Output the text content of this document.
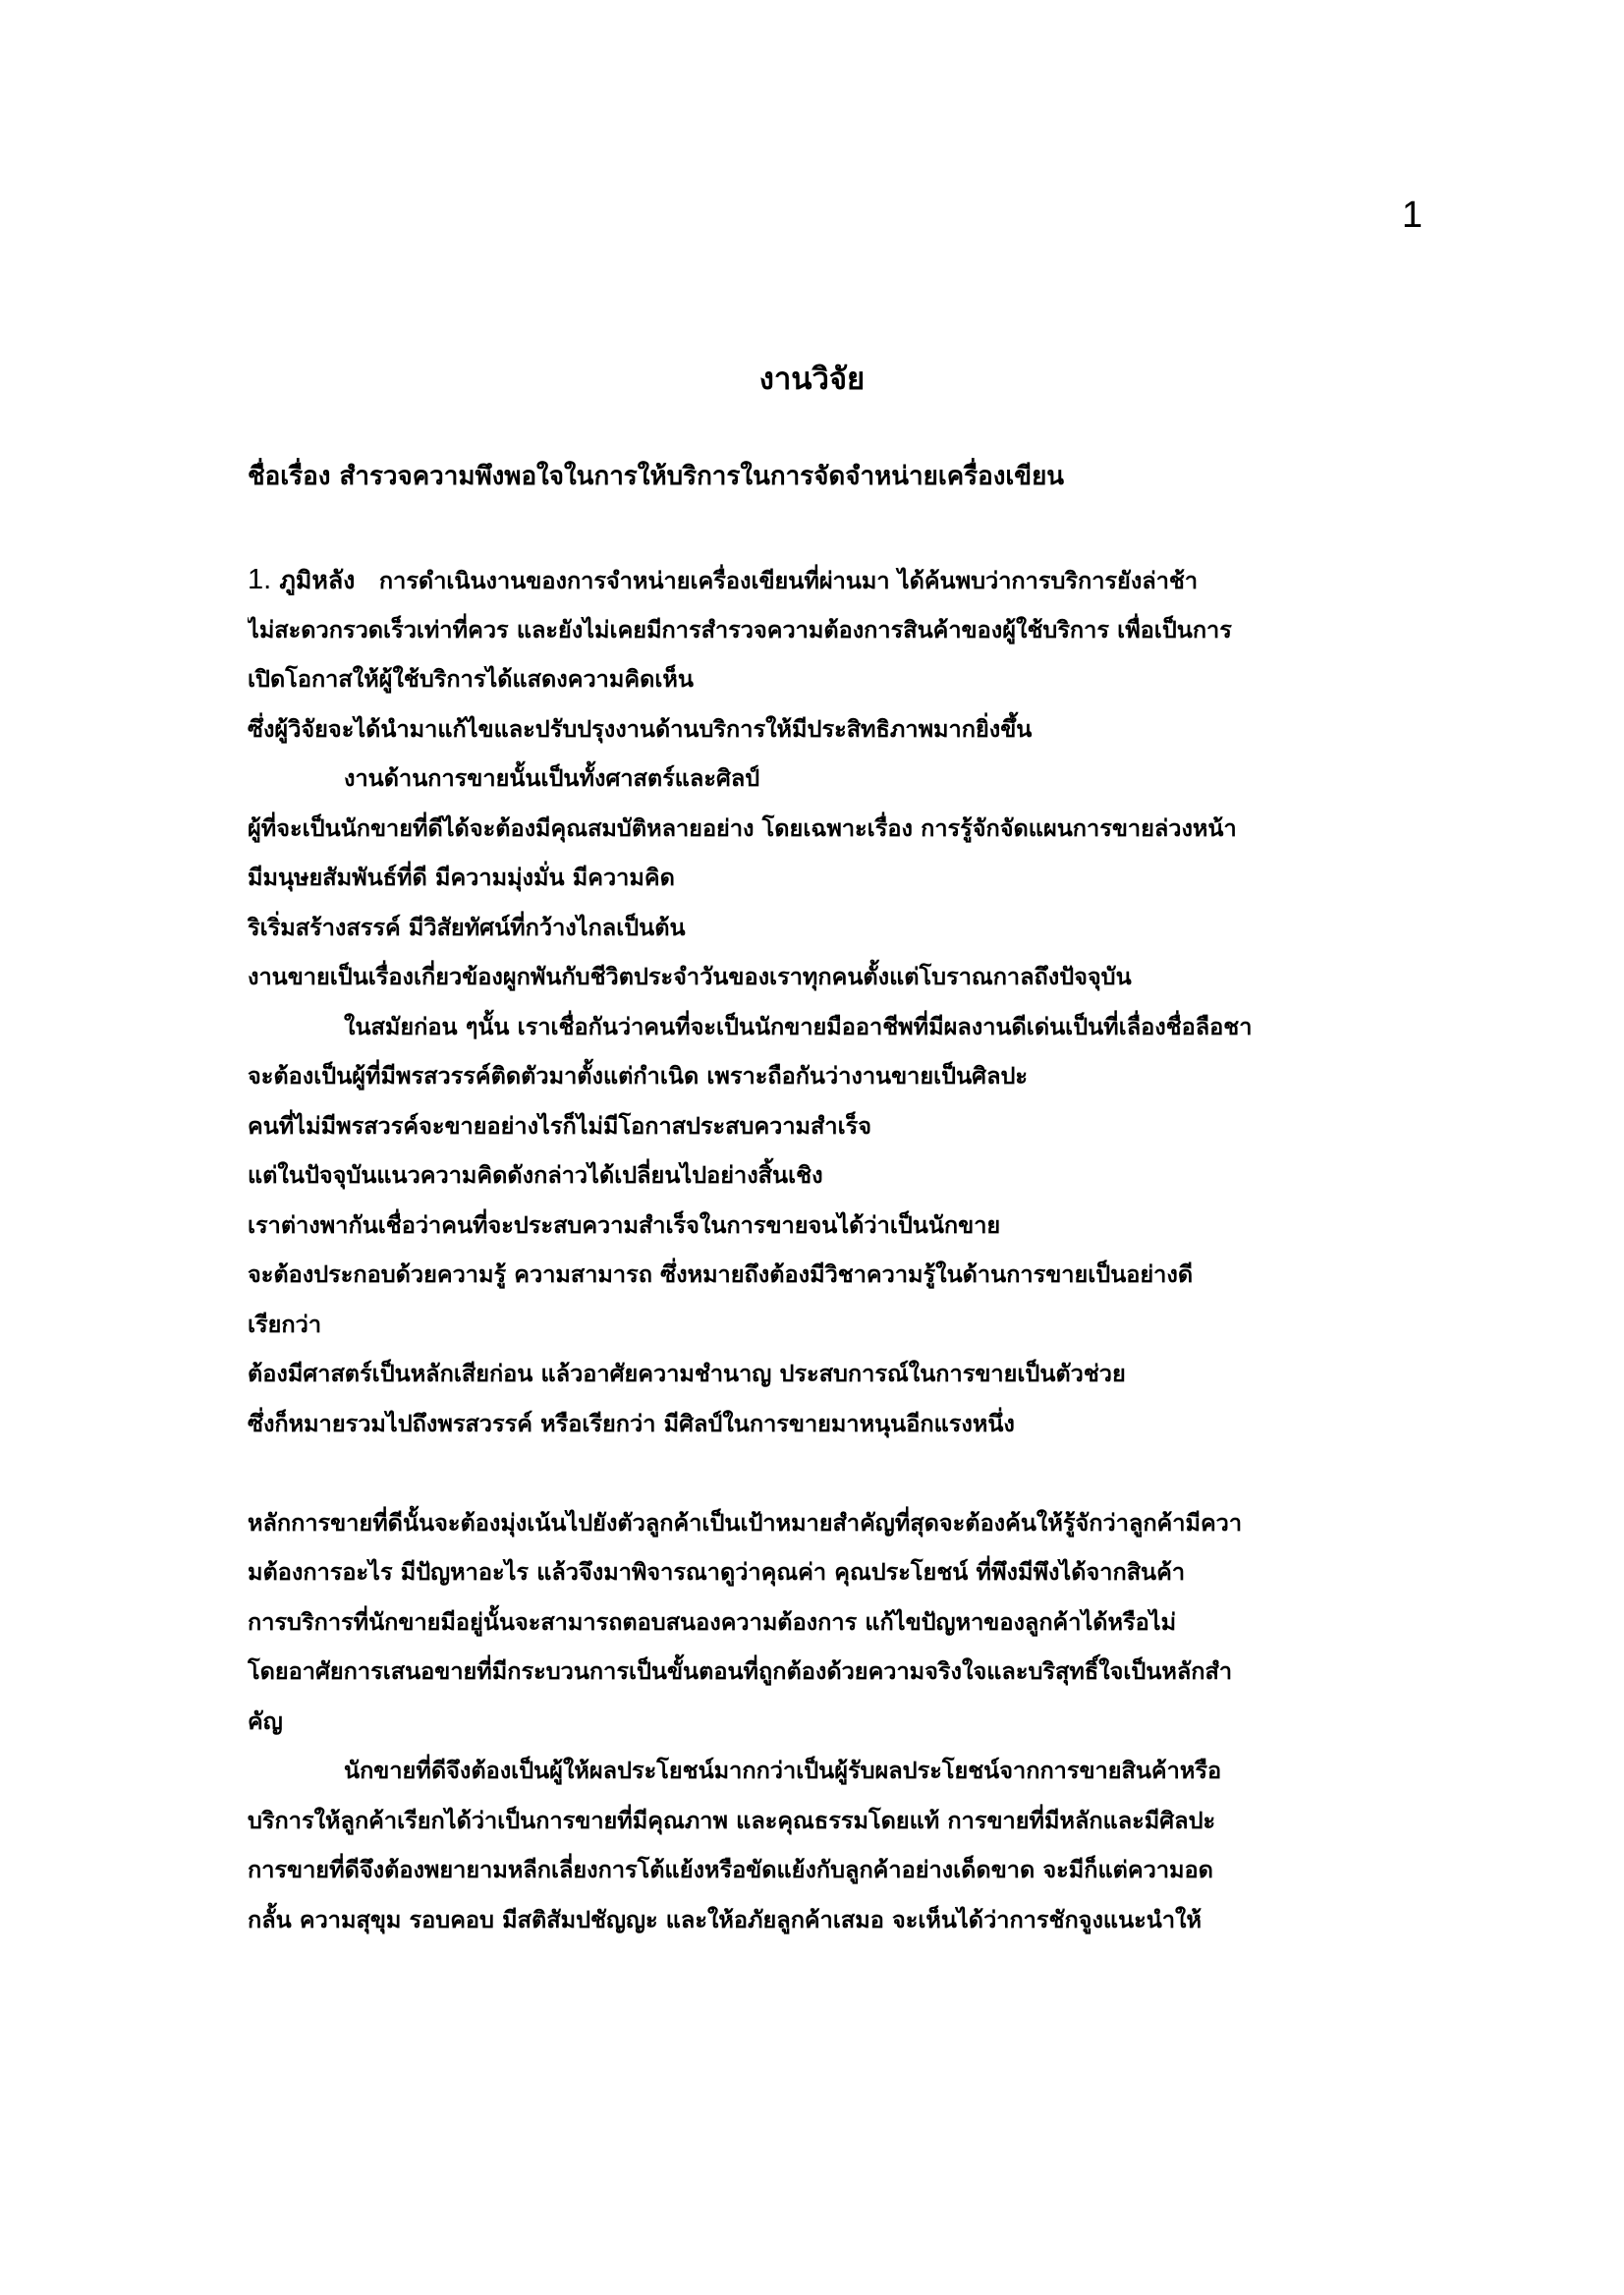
1
งานวิจัย
ชื่อเรื่อง สำรวจความพึงพอใจในการให้บริการในการจัดจำหน่ายเครื่องเขียน
1. ภูมิหลัง การดำเนินงานของการจำหน่ายเครื่องเขียนที่ผ่านมา ได้ค้นพบว่าการบริการยังล่าช้า
ไม่สะดวกรวดเร็วเท่าที่ควร และยังไม่เคยมีการสำรวจความต้องการสินค้าของผู้ใช้บริการ เพื่อเป็นการ
เปิดโอกาสให้ผู้ใช้บริการได้แสดงความคิดเห็น
ซึ่งผู้วิจัยจะได้นำมาแก้ไขและปรับปรุงงานด้านบริการให้มีประสิทธิภาพมากยิ่งขึ้น
งานด้านการขายนั้นเป็นทั้งศาสตร์และศิลป์
ผู้ที่จะเป็นนักขายที่ดีได้จะต้องมีคุณสมบัติหลายอย่าง โดยเฉพาะเรื่อง การรู้จักจัดแผนการขายล่วงหน้า
มีมนุษยสัมพันธ์ที่ดี มีความมุ่งมั่น มีความคิด
ริเริ่มสร้างสรรค์ มีวิสัยทัศน์ที่กว้างไกลเป็นต้น
งานขายเป็นเรื่องเกี่ยวข้องผูกพันกับชีวิตประจำวันของเราทุกคนตั้งแต่โบราณกาลถึงปัจจุบัน
ในสมัยก่อน ๆนั้น เราเชื่อกันว่าคนที่จะเป็นนักขายมืออาชีพที่มีผลงานดีเด่นเป็นที่เลื่องชื่อลือชา
จะต้องเป็นผู้ที่มีพรสวรรค์ติดตัวมาตั้งแต่กำเนิด เพราะถือกันว่างานขายเป็นศิลปะ
คนที่ไม่มีพรสวรค์จะขายอย่างไรก็ไม่มีโอกาสประสบความสำเร็จ
แต่ในปัจจุบันแนวความคิดดังกล่าวได้เปลี่ยนไปอย่างสิ้นเชิง
เราต่างพากันเชื่อว่าคนที่จะประสบความสำเร็จในการขายจนได้ว่าเป็นนักขาย
จะต้องประกอบด้วยความรู้ ความสามารถ ซึ่งหมายถึงต้องมีวิชาความรู้ในด้านการขายเป็นอย่างดี
เรียกว่า
ต้องมีศาสตร์เป็นหลักเสียก่อน แล้วอาศัยความชำนาญ ประสบการณ์ในการขายเป็นตัวช่วย
ซึ่งก็หมายรวมไปถึงพรสวรรค์ หรือเรียกว่า มีศิลป์ในการขายมาหนุนอีกแรงหนึ่ง
หลักการขายที่ดีนั้นจะต้องมุ่งเน้นไปยังตัวลูกค้าเป็นเป้าหมายสำคัญที่สุดจะต้องค้นให้รู้จักว่าลูกค้ามีควา
มต้องการอะไร มีปัญหาอะไร แล้วจึงมาพิจารณาดูว่าคุณค่า คุณประโยชน์ ที่พึงมีพึงได้จากสินค้า
การบริการที่นักขายมีอยู่นั้นจะสามารถตอบสนองความต้องการ แก้ไขปัญหาของลูกค้าได้หรือไม่
โดยอาศัยการเสนอขายที่มีกระบวนการเป็นขั้นตอนที่ถูกต้องด้วยความจริงใจและบริสุทธิ์ใจเป็นหลักสำ
คัญ
นักขายที่ดีจึงต้องเป็นผู้ให้ผลประโยชน์มากกว่าเป็นผู้รับผลประโยชน์จากการขายสินค้าหรือ
บริการให้ลูกค้าเรียกได้ว่าเป็นการขายที่มีคุณภาพ และคุณธรรมโดยแท้ การขายที่มีหลักและมีศิลปะ
การขายที่ดีจึงต้องพยายามหลีกเลี่ยงการโต้แย้งหรือขัดแย้งกับลูกค้าอย่างเด็ดขาด จะมีก็แต่ความอด
กลั้น ความสุขุม รอบคอบ มีสติสัมปชัญญะ และให้อภัยลูกค้าเสมอ จะเห็นได้ว่าการชักจูงแนะนำให้
